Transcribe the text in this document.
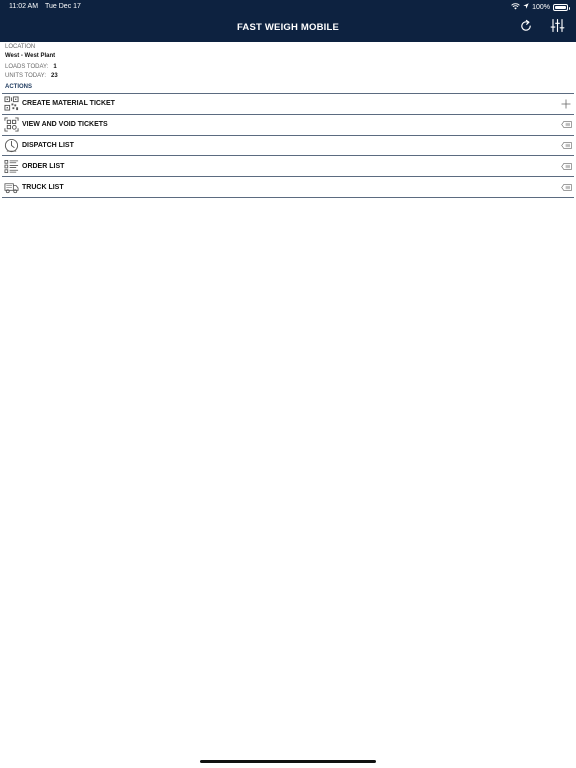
11:02 AM Tue Dec 17	100%
FAST WEIGH MOBILE
LOCATION
West - West Plant
LOADS TODAY: 1
UNITS TODAY: 23
ACTIONS
CREATE MATERIAL TICKET
VIEW AND VOID TICKETS
DISPATCH LIST
ORDER LIST
TRUCK LIST
